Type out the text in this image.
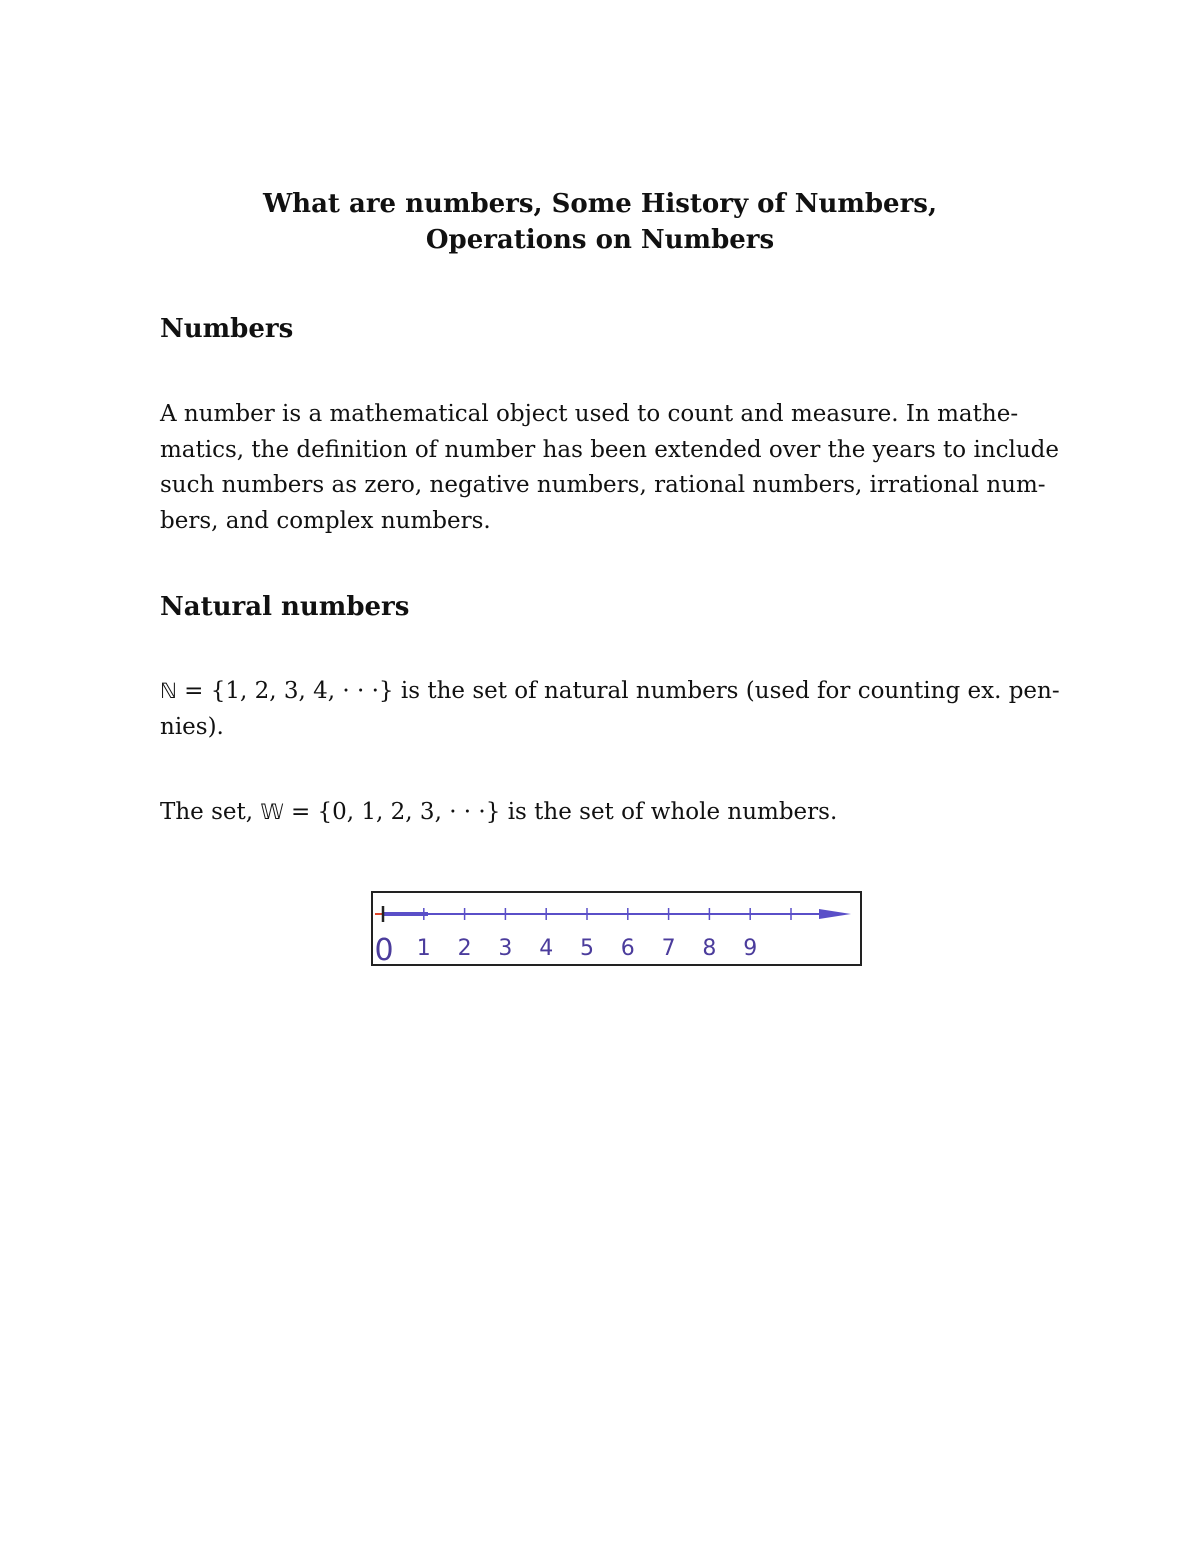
What are numbers, Some History of Numbers,
Operations on Numbers
Numbers

A number is a mathematical object used to count and measure. In mathe-
matics, the definition of number has been extended over the years to include
such numbers as zero, negative numbers, rational numbers, irrational num-
bers, and complex numbers.

Natural numbers

ℕ = {1, 2, 3, 4, · · ·} is the set of natural numbers (used for counting ex. pen-
nies).

The set, 𝕎 = {0, 1, 2, 3, · · ·} is the set of whole numbers.

0 1 2 3 4 5 6 7 8 9
